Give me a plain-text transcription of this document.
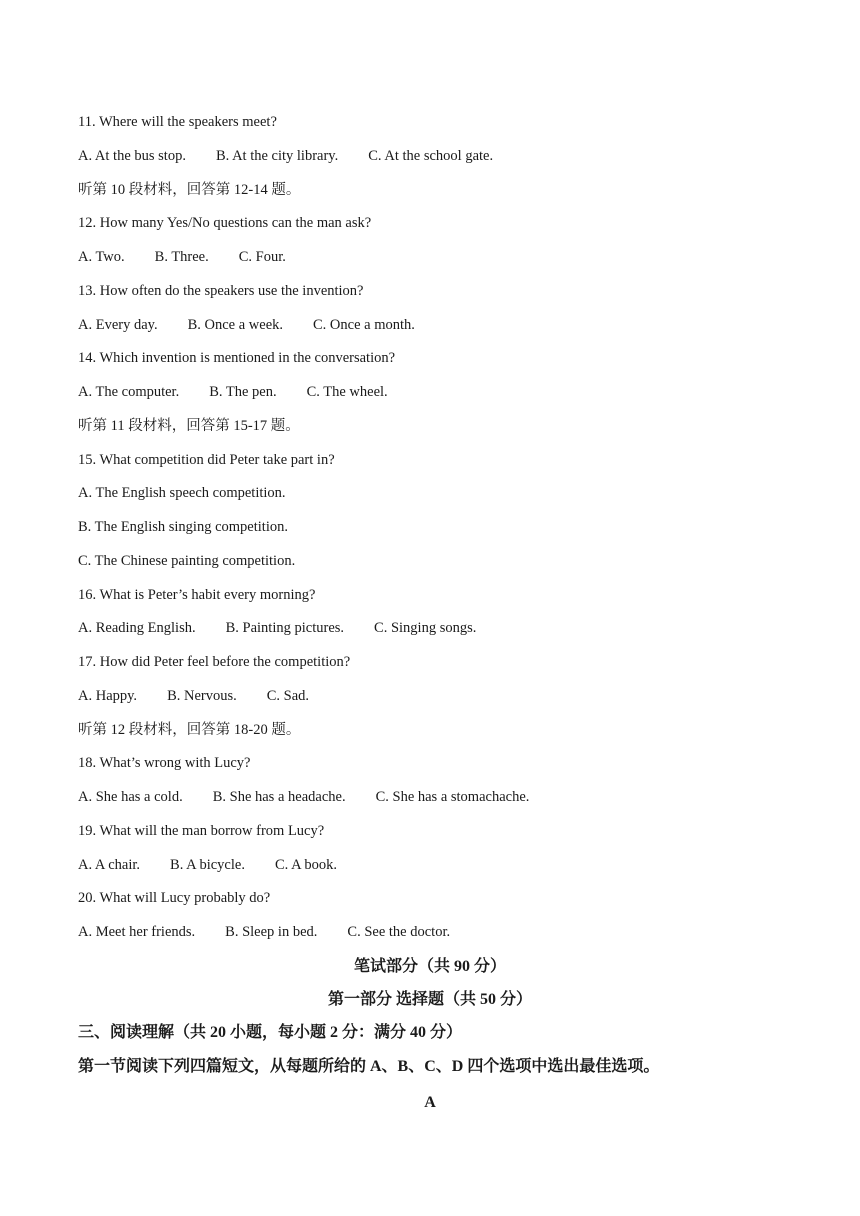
11. Where will the speakers meet?
A. At the bus stop. B. At the city library. C. At the school gate.
听第 10 段材料，回答第 12-14 题。
12. How many Yes/No questions can the man ask?
A. Two. B. Three. C. Four.
13. How often do the speakers use the invention?
A. Every day. B. Once a week. C. Once a month.
14. Which invention is mentioned in the conversation?
A. The computer. B. The pen. C. The wheel.
听第 11 段材料，回答第 15-17 题。
15. What competition did Peter take part in?
A. The English speech competition.
B. The English singing competition.
C. The Chinese painting competition.
16. What is Peter’s habit every morning?
A. Reading English. B. Painting pictures. C. Singing songs.
17. How did Peter feel before the competition?
A. Happy. B. Nervous. C. Sad.
听第 12 段材料，回答第 18-20 题。
18. What’s wrong with Lucy?
A. She has a cold. B. She has a headache. C. She has a stomachache.
19. What will the man borrow from Lucy?
A. A chair. B. A bicycle. C. A book.
20. What will Lucy probably do?
A. Meet her friends. B. Sleep in bed. C. See the doctor.
笔试部分（共 90 分）
第一部分 选择题（共 50 分）
三、阅读理解（共 20 小题，每小题 2 分：满分 40 分）
第一节阅读下列四篇短文，从每题所给的 A、B、C、D 四个选项中选出最佳选项。
A
